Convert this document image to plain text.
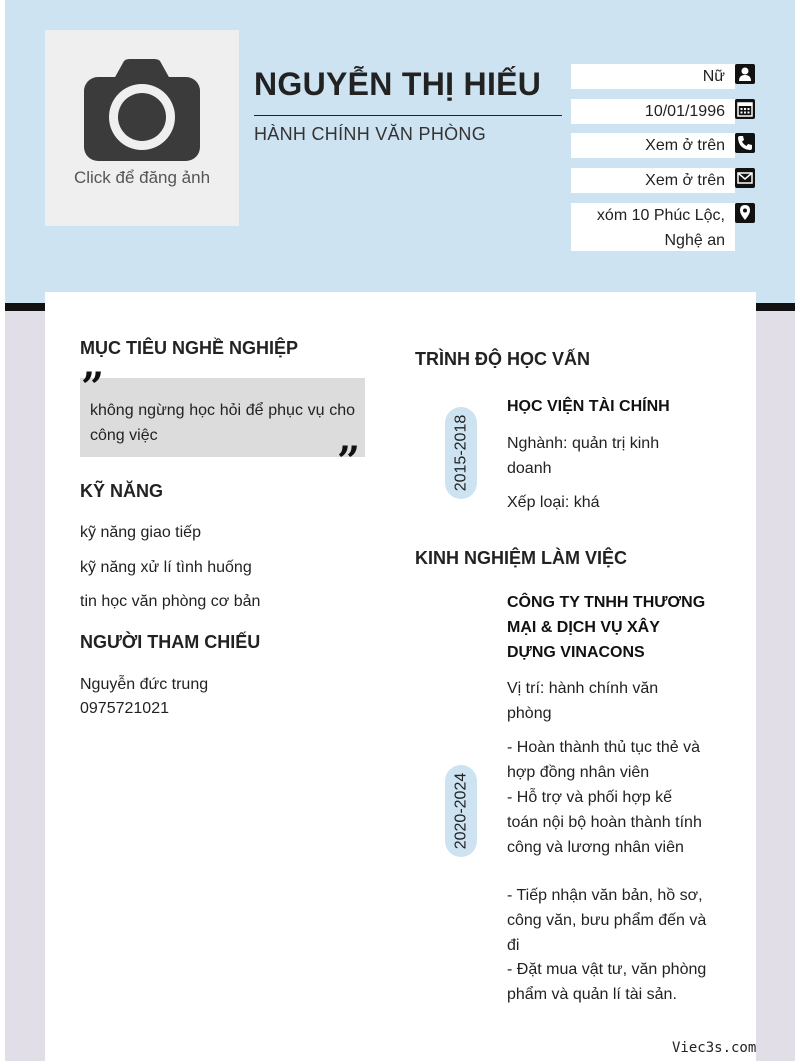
Click để đăng ảnh
NGUYỄN THỊ HIẾU
HÀNH CHÍNH VĂN PHÒNG
Nữ
10/01/1996
Xem ở trên
Xem ở trên
xóm 10 Phúc Lộc, Nghệ an
MỤC TIÊU NGHỀ NGHIỆP
không ngừng học hỏi để phục vụ cho công việc
”
”
KỸ NĂNG
kỹ năng giao tiếp
kỹ năng xử lí tình huống
tin học văn phòng cơ bản
NGƯỜI THAM CHIẾU
Nguyễn đức trung
0975721021
TRÌNH ĐỘ HỌC VẤN
2015-2018
HỌC VIỆN TÀI CHÍNH
Nghành: quản trị kinh doanh
Xếp loại: khá
KINH NGHIỆM LÀM VIỆC
2020-2024
CÔNG TY TNHH THƯƠNG MẠI & DỊCH VỤ XÂY DỰNG VINACONS
Vị trí: hành chính văn phòng
- Hoàn thành thủ tục thẻ và hợp đồng nhân viên
- Hỗ trợ và phối hợp kế toán nội bộ hoàn thành tính công và lương nhân viên
- Tiếp nhận văn bản, hồ sơ, công văn, bưu phẩm đến và đi
- Đặt mua vật tư, văn phòng phẩm và quản lí tài sản.
Viec3s.com
